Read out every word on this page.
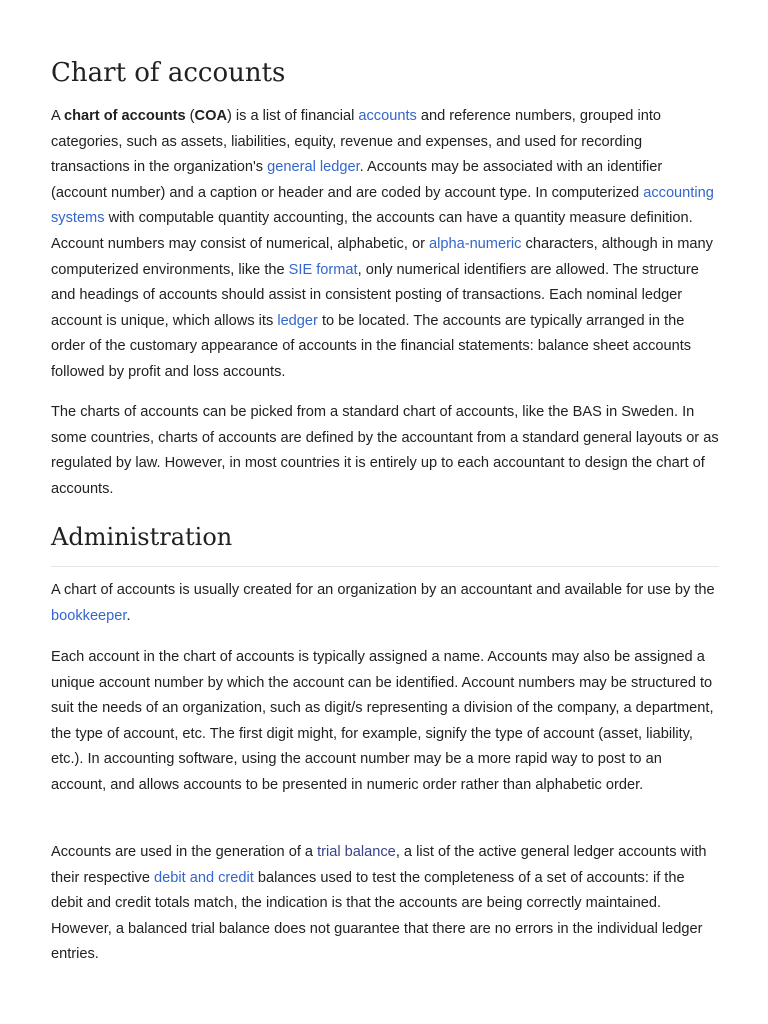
Chart of accounts

A chart of accounts (COA) is a list of financial accounts and reference numbers, grouped into categories, such as assets, liabilities, equity, revenue and expenses, and used for recording transactions in the organization's general ledger. Accounts may be associated with an identifier (account number) and a caption or header and are coded by account type. In computerized accounting systems with computable quantity accounting, the accounts can have a quantity measure definition. Account numbers may consist of numerical, alphabetic, or alpha-numeric characters, although in many computerized environments, like the SIE format, only numerical identifiers are allowed. The structure and headings of accounts should assist in consistent posting of transactions. Each nominal ledger account is unique, which allows its ledger to be located. The accounts are typically arranged in the order of the customary appearance of accounts in the financial statements: balance sheet accounts followed by profit and loss accounts.

The charts of accounts can be picked from a standard chart of accounts, like the BAS in Sweden. In some countries, charts of accounts are defined by the accountant from a standard general layouts or as regulated by law. However, in most countries it is entirely up to each accountant to design the chart of accounts.

Administration

A chart of accounts is usually created for an organization by an accountant and available for use by the bookkeeper.

Each account in the chart of accounts is typically assigned a name. Accounts may also be assigned a unique account number by which the account can be identified. Account numbers may be structured to suit the needs of an organization, such as digit/s representing a division of the company, a department, the type of account, etc. The first digit might, for example, signify the type of account (asset, liability, etc.). In accounting software, using the account number may be a more rapid way to post to an account, and allows accounts to be presented in numeric order rather than alphabetic order.

Accounts are used in the generation of a trial balance, a list of the active general ledger accounts with their respective debit and credit balances used to test the completeness of a set of accounts: if the debit and credit totals match, the indication is that the accounts are being correctly maintained. However, a balanced trial balance does not guarantee that there are no errors in the individual ledger entries.
